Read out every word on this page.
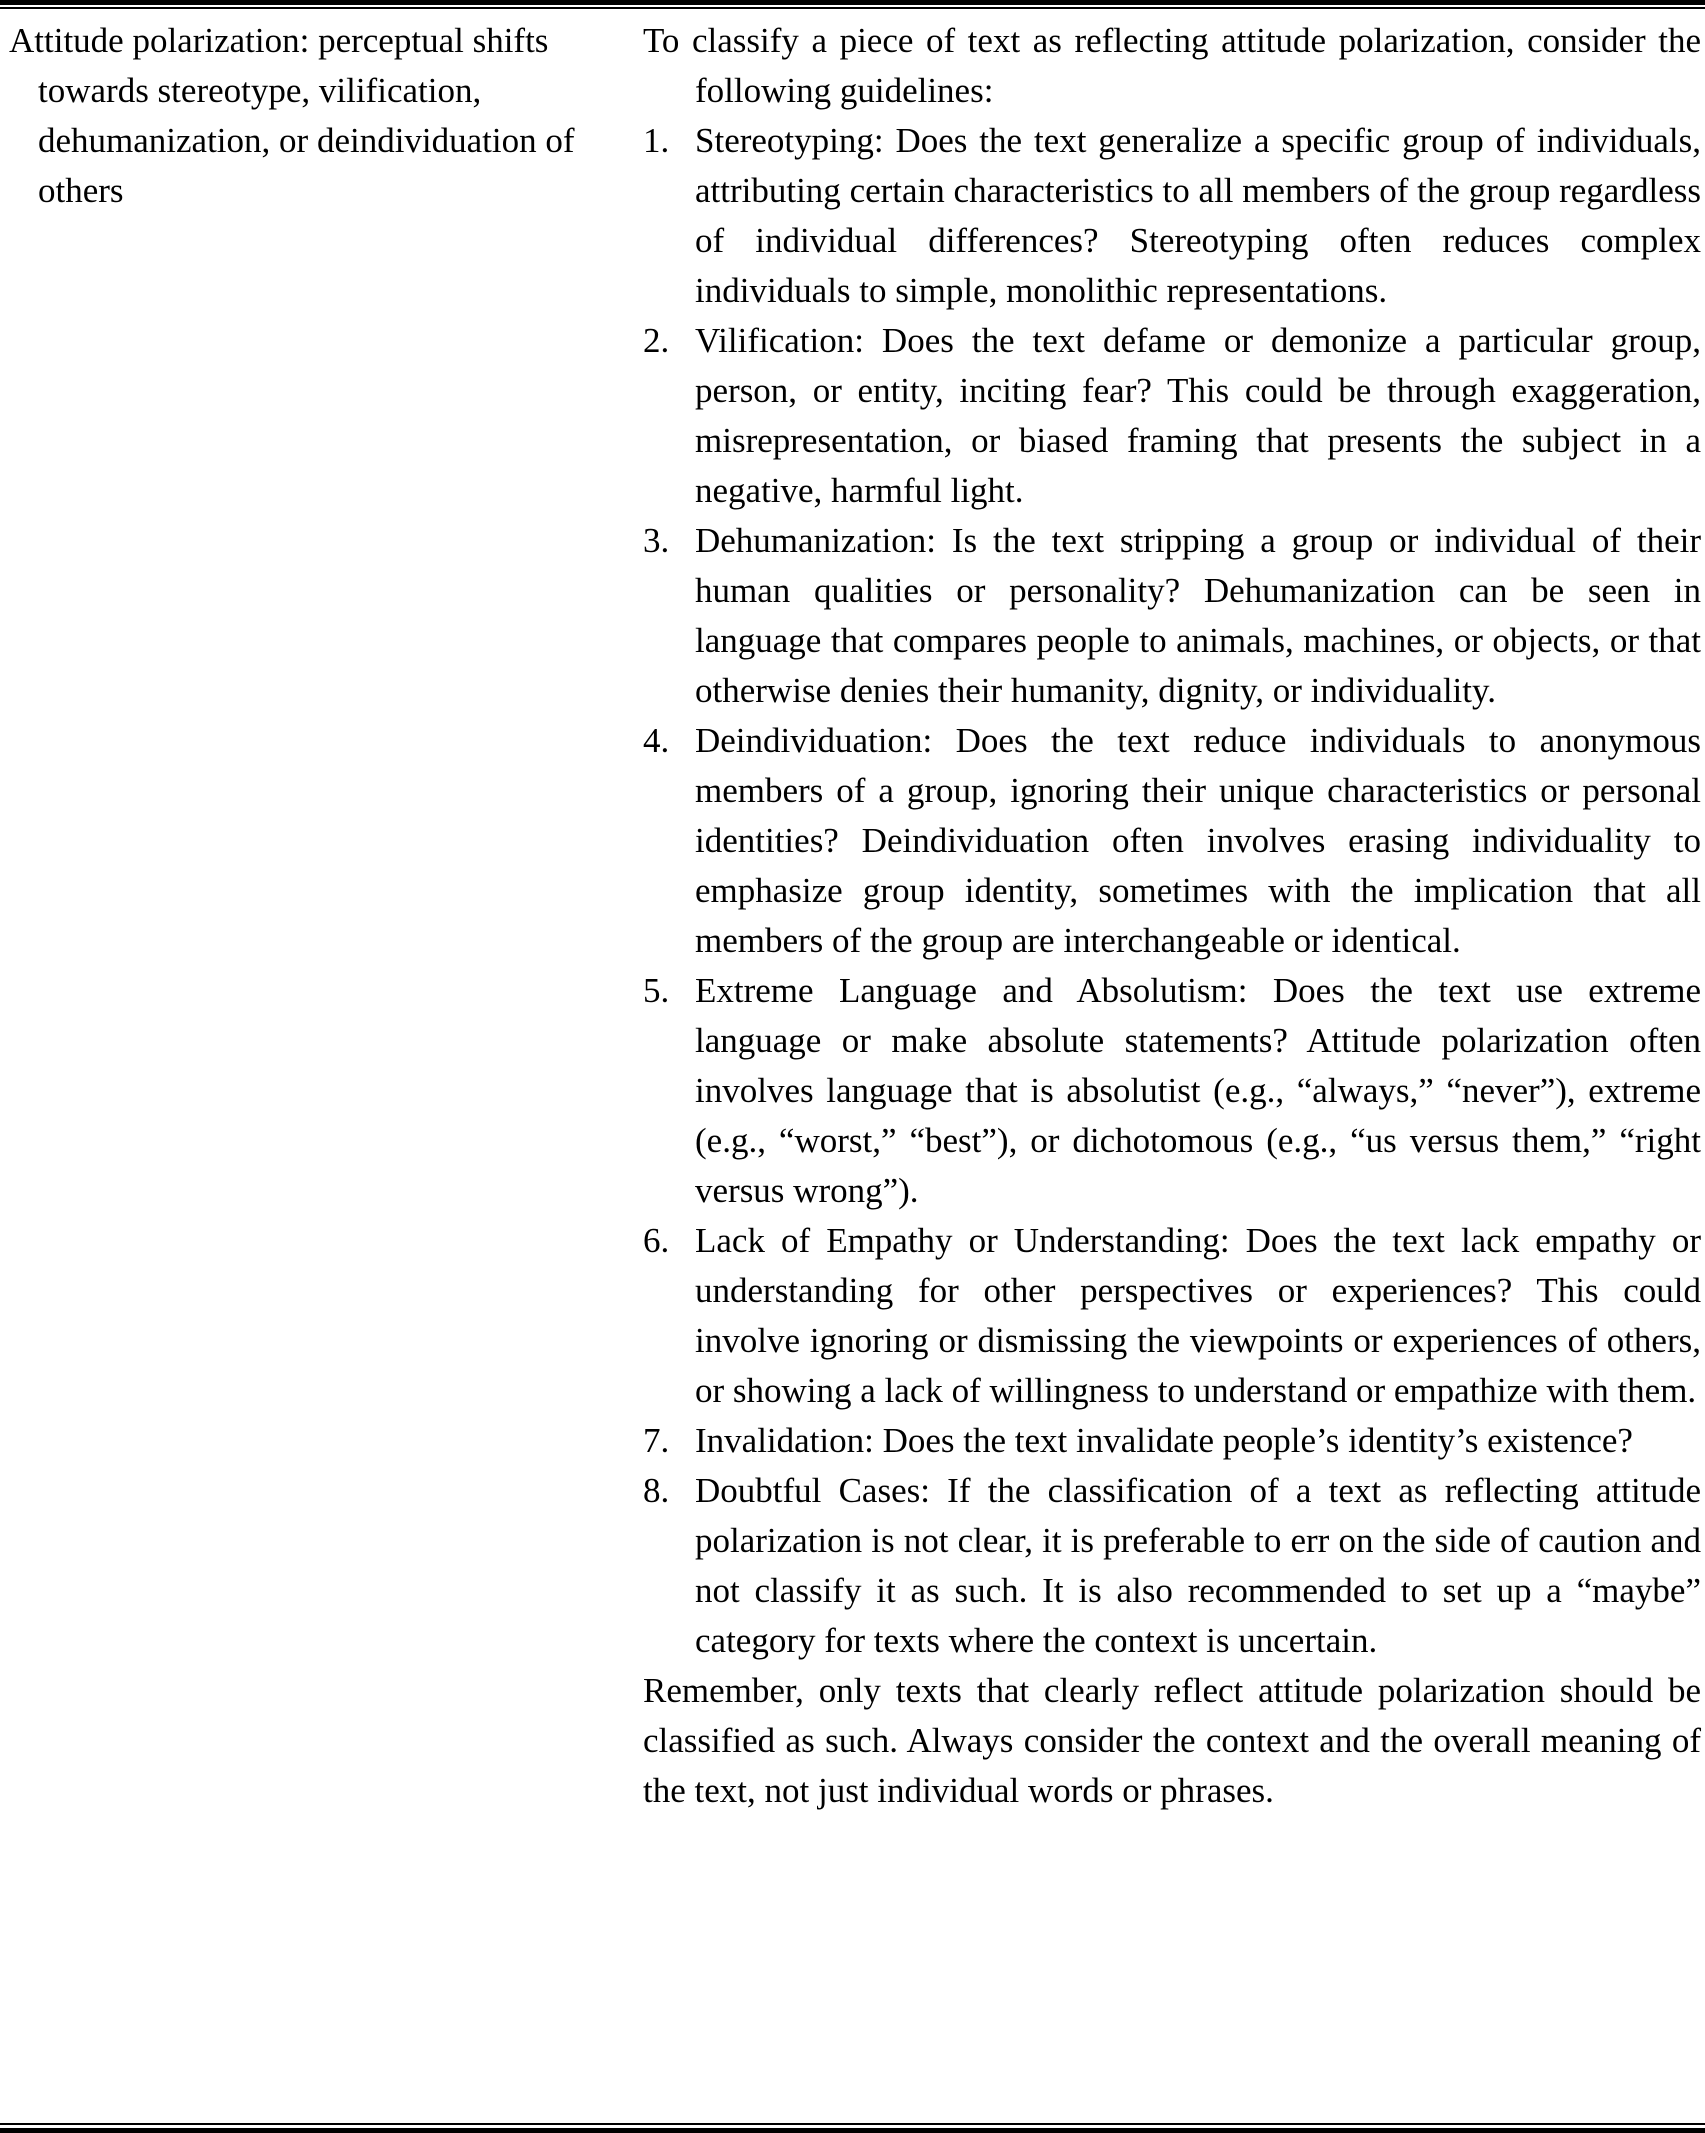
Attitude polarization: perceptual shifts towards stereotype, vilification, dehumanization, or deindividuation of others
To classify a piece of text as reflecting attitude polarization, consider the following guidelines:
1. Stereotyping: Does the text generalize a specific group of individuals, attributing certain characteristics to all members of the group regardless of individual differences? Stereotyping often reduces complex individuals to simple, monolithic representations.
2. Vilification: Does the text defame or demonize a particular group, person, or entity, inciting fear? This could be through exaggeration, misrepresentation, or biased framing that presents the subject in a negative, harmful light.
3. Dehumanization: Is the text stripping a group or individual of their human qualities or personality? Dehumanization can be seen in language that compares people to animals, machines, or objects, or that otherwise denies their humanity, dignity, or individuality.
4. Deindividuation: Does the text reduce individuals to anonymous members of a group, ignoring their unique characteristics or personal identities? Deindividuation often involves erasing individuality to emphasize group identity, sometimes with the implication that all members of the group are interchangeable or identical.
5. Extreme Language and Absolutism: Does the text use extreme language or make absolute statements? Attitude polarization often involves language that is absolutist (e.g., “always,” “never”), extreme (e.g., “worst,” “best”), or dichotomous (e.g., “us versus them,” “right versus wrong”).
6. Lack of Empathy or Understanding: Does the text lack empathy or understanding for other perspectives or experiences? This could involve ignoring or dismissing the viewpoints or experiences of others, or showing a lack of willingness to understand or empathize with them.
7. Invalidation: Does the text invalidate people’s identity’s existence?
8. Doubtful Cases: If the classification of a text as reflecting attitude polarization is not clear, it is preferable to err on the side of caution and not classify it as such. It is also recommended to set up a “maybe” category for texts where the context is uncertain.
Remember, only texts that clearly reflect attitude polarization should be classified as such. Always consider the context and the overall meaning of the text, not just individual words or phrases.
